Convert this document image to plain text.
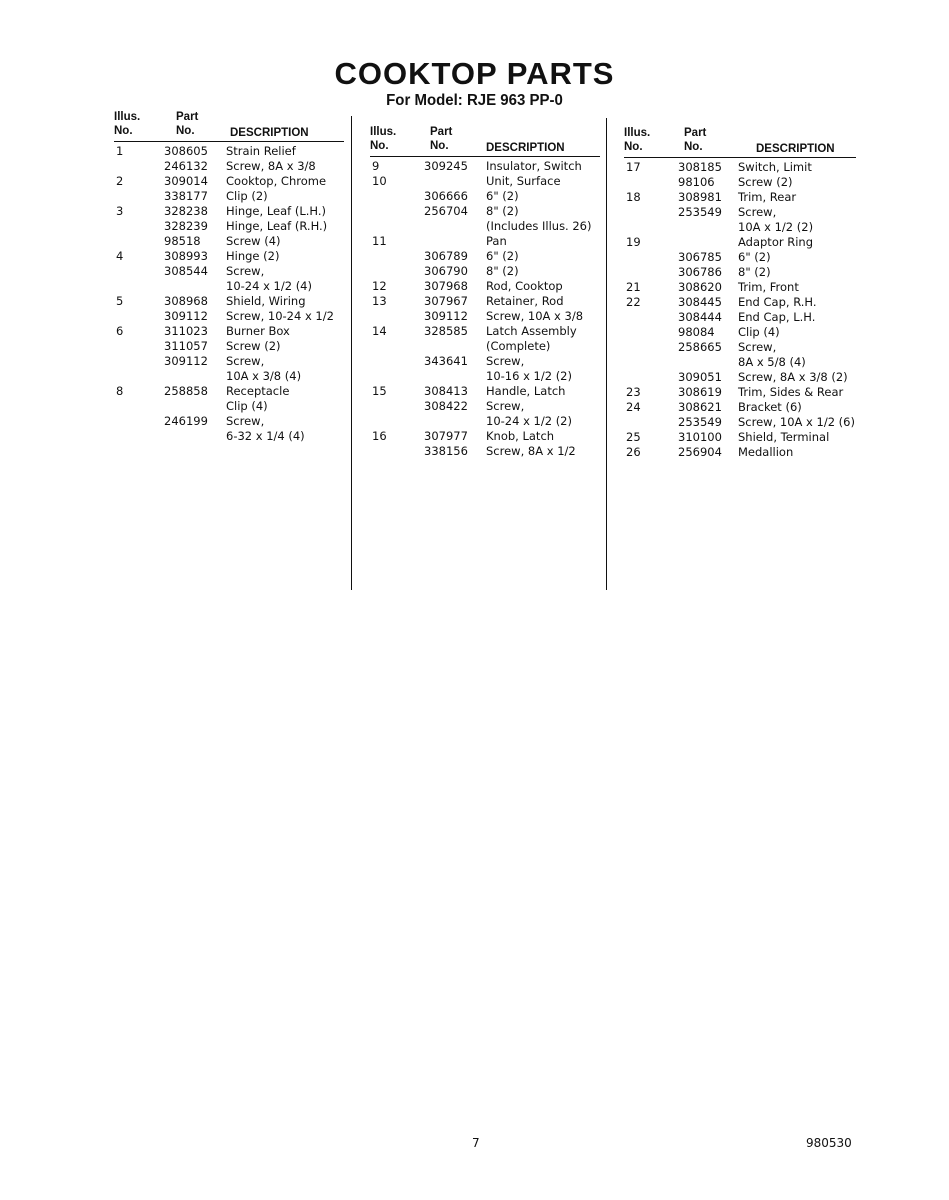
COOKTOP PARTS
For Model: RJE 963 PP-0
Illus.
No.
Part
No.	DESCRIPTION
1	308605 Strain Relief
246132 Screw, 8A x 3/8
2	309014 Cooktop, Chrome
338177 Clip (2)
3	328238 Hinge, Leaf (L.H.)
328239 Hinge, Leaf (R.H.)
98518 Screw (4)
4	308993 Hinge (2)
308544 Screw,
10-24 x 1/2 (4)
5	308968 Shield, Wiring
309112 Screw, 10-24 x 1/2
6	311023 Burner Box
311057 Screw (2)
309112 Screw,
10A x 3/8 (4)
8	258858 Receptacle
Clip (4)
246199 Screw,
6-32 x 1/4 (4)
Illus.
No.
Part
No.	DESCRIPTION
9	309245 Insulator, Switch
10	Unit, Surface
306666 6" (2)
256704 8" (2)
(Includes Illus. 26)
11	Pan
306789 6" (2)
306790 8" (2)
12	307968 Rod, Cooktop
13	307967 Retainer, Rod
309112 Screw, 10A x 3/8
14	328585 Latch Assembly
(Complete)
343641 Screw,
10-16 x 1/2 (2)
15	308413 Handle, Latch
308422 Screw,
10-24 x 1/2 (2)
16	307977 Knob, Latch
338156 Screw, 8A x 1/2
Illus.
No.
Part
No.	DESCRIPTION
17	308185 Switch, Limit
98106 Screw (2)
18	308981 Trim, Rear
253549 Screw,
10A x 1/2 (2)
19	Adaptor Ring
306785 6" (2)
306786 8" (2)
21	308620 Trim, Front
22	308445 End Cap, R.H.
308444 End Cap, L.H.
98084 Clip (4)
258665 Screw,
8A x 5/8 (4)
309051 Screw, 8A x 3/8 (2)
23	308619 Trim, Sides & Rear
24	308621 Bracket (6)
253549 Screw, 10A x 1/2 (6)
25	310100 Shield, Terminal
26	256904 Medallion
7	980530
